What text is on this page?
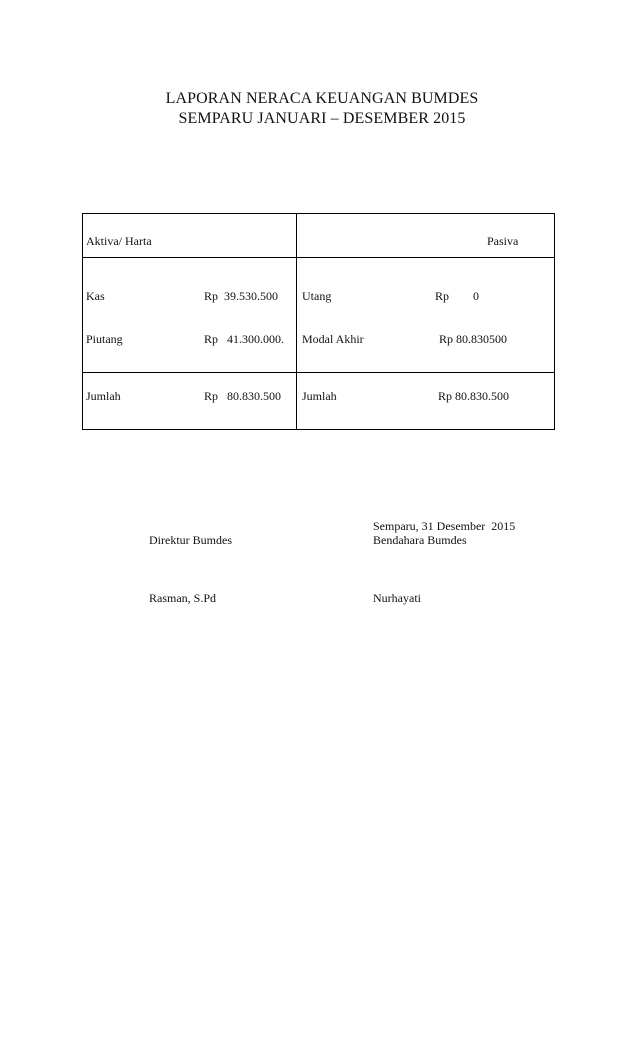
LAPORAN NERACA KEUANGAN BUMDES
SEMPARU JANUARI – DESEMBER 2015
Aktiva/ Harta	Pasiva
Kas	Rp  39.530.500 Utang	Rp        0
Piutang	Rp   41.300.000. Modal Akhir	Rp 80.830500
Jumlah	Rp   80.830.500 Jumlah	Rp 80.830.500
Semparu, 31 Desember  2015
Direktur Bumdes	Bendahara Bumdes
Rasman, S.Pd	Nurhayati
